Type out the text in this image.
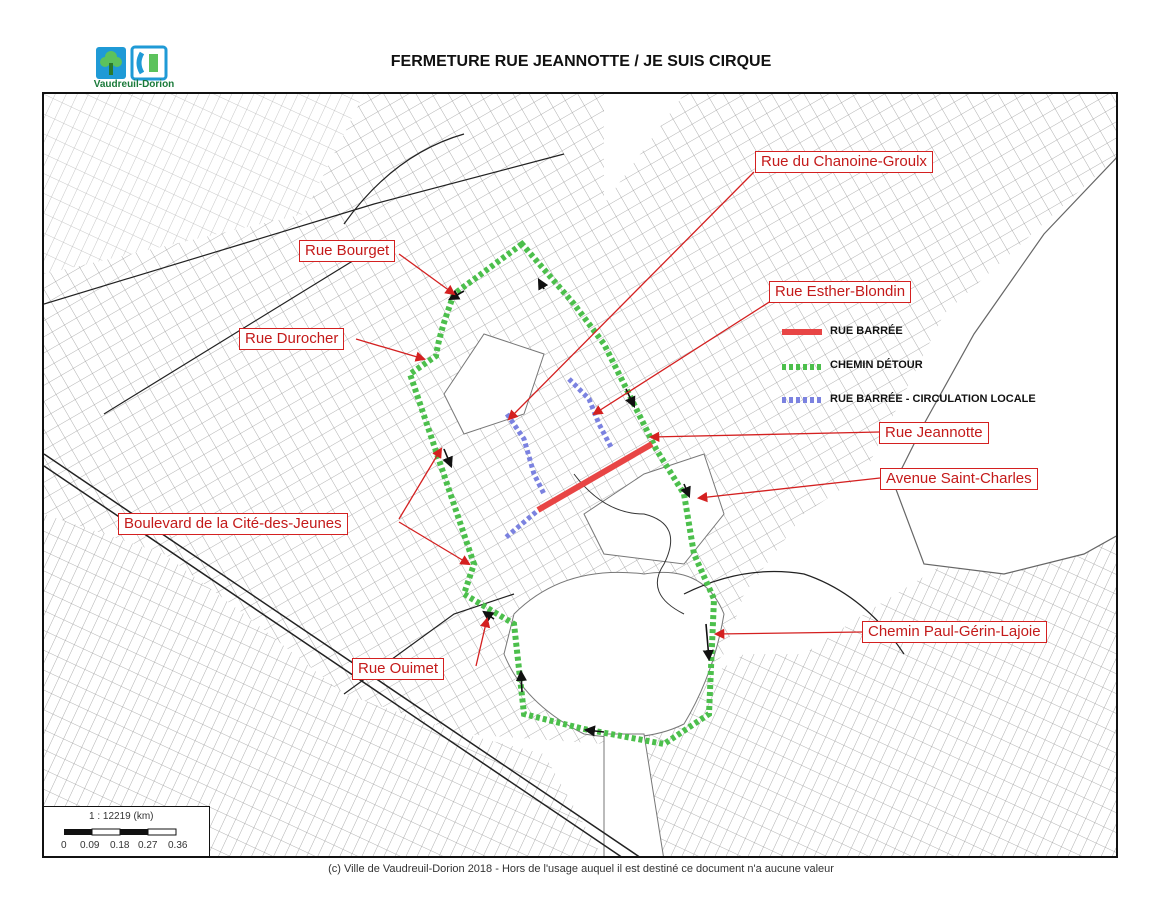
FERMETURE RUE JEANNOTTE / JE SUIS CIRQUE
Vaudreuil-Dorion
Rue du Chanoine-Groulx
Rue Bourget
Rue Esther-Blondin
Rue Durocher
Rue Jeannotte
Avenue Saint-Charles
Boulevard de la Cité-des-Jeunes
Chemin Paul-Gérin-Lajoie
Rue Ouimet
RUE BARRÉE
CHEMIN DÉTOUR
RUE BARRÉE - CIRCULATION LOCALE
1 : 12219 (km)
0 0.09 0.18 0.27 0.36
(c) Ville de Vaudreuil-Dorion 2018 - Hors de l'usage auquel il est destiné ce document n'a aucune valeur
